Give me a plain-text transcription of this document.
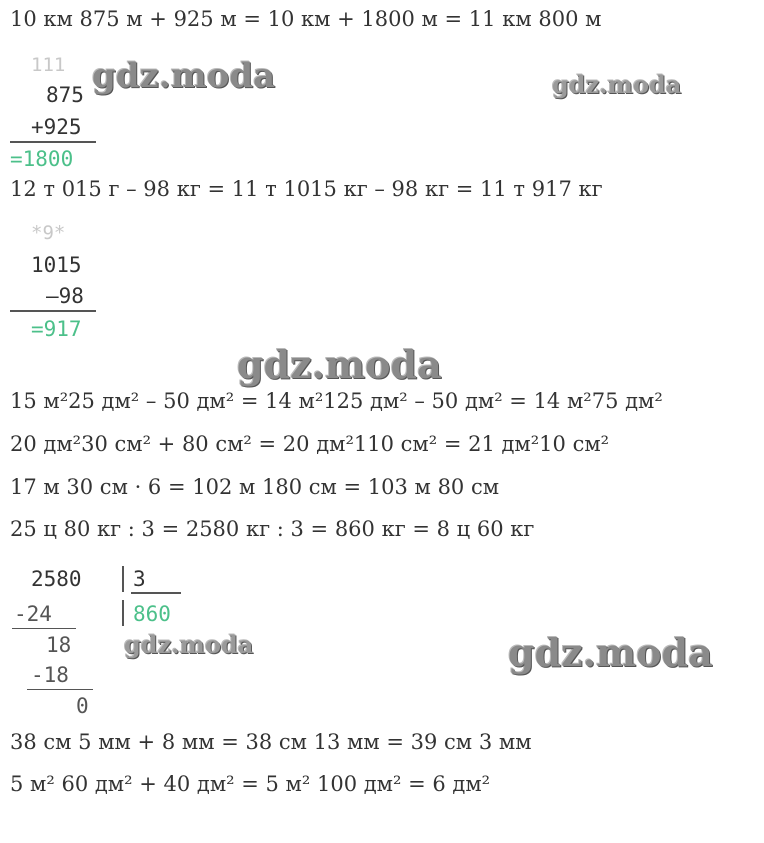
10 км 875 м + 925 м = 10 км + 1800 м = 11 км 800 м
111
875
+925
=1800
12 т 015 г – 98 кг = 11 т 1015 кг – 98 кг = 11 т 917 кг
*9*
1015
–98
=917
15 м²25 дм² – 50 дм² = 14 м²125 дм² – 50 дм² = 14 м²75 дм²
20 дм²30 см² + 80 см² = 20 дм²110 см² = 21 дм²10 см²
17 м 30 см · 6 = 102 м 180 см = 103 м 80 см
25 ц 80 кг : 3 = 2580 кг : 3 = 860 кг = 8 ц 60 кг
2580 3
860
-24
18
-18
0
38 см 5 мм + 8 мм = 38 см 13 мм = 39 см 3 мм
5 м² 60 дм² + 40 дм² = 5 м² 100 дм² = 6 дм²
gdz.moda	gdz.moda
gdz.moda
gdz.moda	gdz.moda
